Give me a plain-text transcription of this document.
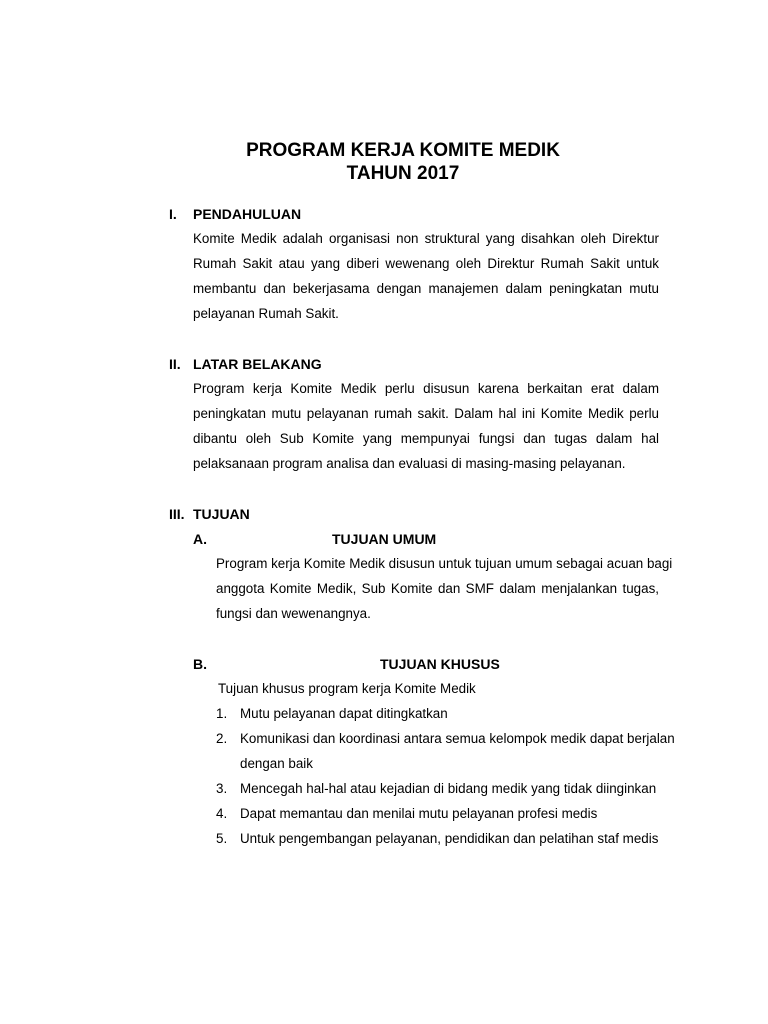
PROGRAM KERJA KOMITE MEDIK
TAHUN 2017
I. PENDAHULUAN
Komite Medik adalah organisasi non struktural yang disahkan oleh Direktur
Rumah Sakit atau yang diberi wewenang oleh Direktur Rumah Sakit untuk
membantu dan bekerjasama dengan manajemen dalam peningkatan mutu
pelayanan Rumah Sakit.
II. LATAR BELAKANG
Program kerja Komite Medik perlu disusun karena berkaitan erat dalam
peningkatan mutu pelayanan rumah sakit. Dalam hal ini Komite Medik perlu
dibantu oleh Sub Komite yang mempunyai fungsi dan tugas dalam hal
pelaksanaan program analisa dan evaluasi di masing-masing pelayanan.
III. TUJUAN
A.	TUJUAN UMUM
Program kerja Komite Medik disusun untuk tujuan umum sebagai acuan bagi
anggota Komite Medik, Sub Komite dan SMF dalam menjalankan tugas,
fungsi dan wewenangnya.
B.	TUJUAN KHUSUS
Tujuan khusus program kerja Komite Medik
1. Mutu pelayanan dapat ditingkatkan
2. Komunikasi dan koordinasi antara semua kelompok medik dapat berjalan
dengan baik
3. Mencegah hal-hal atau kejadian di bidang medik yang tidak diinginkan
4. Dapat memantau dan menilai mutu pelayanan profesi medis
5. Untuk pengembangan pelayanan, pendidikan dan pelatihan staf medis
